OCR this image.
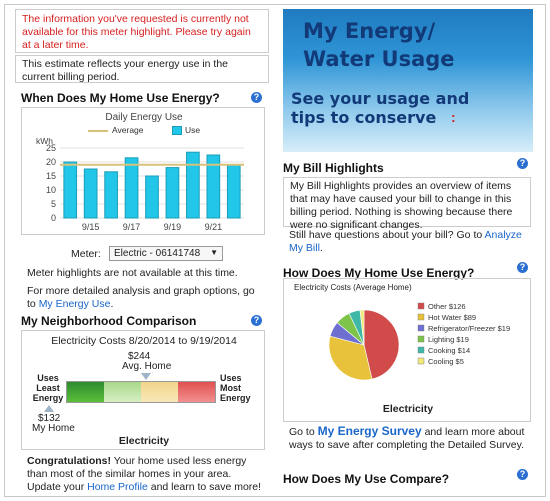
The information you've requested is currently not available for this meter highlight. Please try again at a later time.
This estimate reflects your energy use in the current billing period.
When Does My Home Use Energy?	?
Daily Energy Use
Average	Use
kWh
0
5
10
15
20
25
9/15	9/17	9/19	9/21
Meter:	Electric - 06141748 ▼
Meter highlights are not available at this time.
For more detailed analysis and graph options, go to My Energy Use.
My Neighborhood Comparison	?
Electricity Costs 8/20/2014 to 9/19/2014
$244
Avg. Home
Uses Least Energy
Uses Most Energy
$132
My Home
Electricity
Congratulations! Your home used less energy than most of the similar homes in your area. Update your Home Profile and learn to save more!
My Energy/
Water Usage
See your usage and
tips to conserve :
My Bill Highlights	?
My Bill Highlights provides an overview of items that may have caused your bill to change in this billing period. Nothing is showing because there were no significant changes.
Still have questions about your bill? Go to Analyze My Bill.
How Does My Home Use Energy?	?
Electricity Costs (Average Home)
Other $126
Hot Water $89
Refrigerator/Freezer $19
Lighting $19
Cooking $14
Cooling $5
Electricity
Go to My Energy Survey and learn more about ways to save after completing the Detailed Survey.
How Does My Use Compare?	?
